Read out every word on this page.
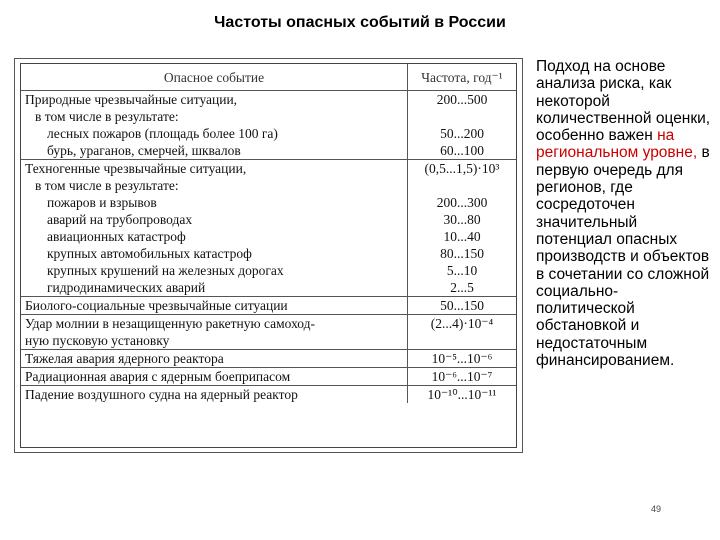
Частоты опасных событий в России
Опасное событие	Частота, год⁻¹
Природные чрезвычайные ситуации,	200...500
в том числе в результате:	
лесных пожаров (площадь более 100 га)	50...200
бурь, ураганов, смерчей, шквалов	60...100
Техногенные чрезвычайные ситуации,	(0,5...1,5)·10³
в том числе в результате:	
пожаров и взрывов	200...300
аварий на трубопроводах	30...80
авиационных катастроф	10...40
крупных автомобильных катастроф	80...150
крупных крушений на железных дорогах	5...10
гидродинамических аварий	2...5
Биолого-социальные чрезвычайные ситуации	50...150
Удар молнии в незащищенную ракетную самоход-	(2...4)·10⁻⁴
ную пусковую установку	
Тяжелая авария ядерного реактора	10⁻⁵...10⁻⁶
Радиационная авария с ядерным боеприпасом	10⁻⁶...10⁻⁷
Падение воздушного судна на ядерный реактор	10⁻¹⁰...10⁻¹¹
Подход на основе анализа риска, как некоторой количественной оценки, особенно важен на региональном уровне, в первую очередь для регионов, где сосредоточен значительный потенциал опасных производств и объектов в сочетании со сложной социально-политической обстановкой и недостаточным финансированием.
49
